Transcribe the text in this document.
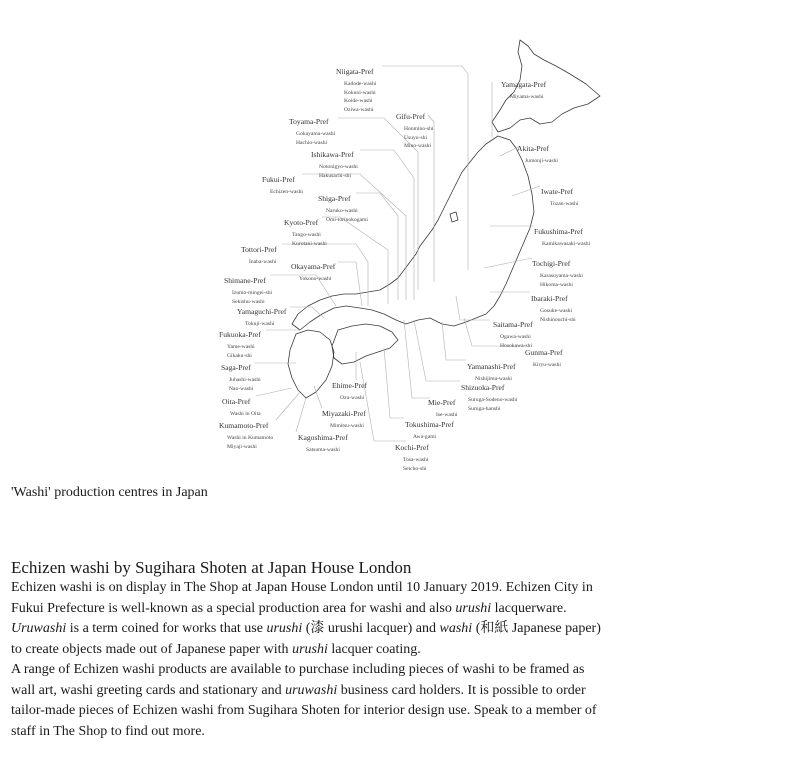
Niigata-Pref
Kadode-washi
Kokuni-washi
Koide-washi
Oziwa-washi
Yamagata-Pref
Miyama-washi
Gifu-Pref
Honmino-shi
Usuyu-shi
Mino-washi
Toyama-Pref
Gokayama-washi
Hachio-washi
Ishikawa-Pref
Notonigyo-washi
Hakusachi-shi
Akita-Pref
Jumonji-washi
Fukui-Pref
Echizen-washi
Shiga-Pref
Naruko-washi
Omi-torinokogami
Iwate-Pref
Tozan-washi
Kyoto-Pref
Tango-washi
Kurotani-washi
Fukushima-Pref
Kamikawasaki-washi
Tottori-Pref
Inaba-washi Okayama-Pref
Yokono-washi
Tochigi-Pref
Karasuyama-washi
Hikoma-washi
Shimane-Pref
Izumo-mingei-shi
Sekishu-washi	Ibaraki-Pref
Gosuke-washi
Nishinouchi-shi
Yamaguchi-Pref
Tokuji-washi	Saitama-Pref
Ogawa-washi
Hosokawa-shi
Fukuoka-Pref
Yame-washi
Gikaku-shi	Gunma-Pref
Kiryu-washi
Saga-Pref
Juhashi-washi
Nao-washi
Yamanashi-Pref
Nishijima-washi
Ehime-Pref
Ozu-washi
Oita-Pref
Washi in Oita
Shizuoka-Pref
Suruga-Sodeno-washi
Suruga-hanshi
Mie-Pref
Ise-washi
Miyazaki-Pref
Mimitsu-washi
Kumamoto-Pref
Washi in Kumamoto
Miyaji-washi
Tokushima-Pref
Awa-gami
Kagoshima-Pref
Satsuma-washi	Kochi-Pref
Tosa-washi
Seicho-shi
'Washi' production centres in Japan
Echizen washi by Sugihara Shoten at Japan House London

Echizen washi is on display in The Shop at Japan House London until 10 January 2019. Echizen City in Fukui Prefecture is well-known as a special production area for washi and also urushi lacquerware. Uruwashi is a term coined for works that use urushi (漆 urushi lacquer) and washi (和紙 Japanese paper) to create objects made out of Japanese paper with urushi lacquer coating.

A range of Echizen washi products are available to purchase including pieces of washi to be framed as wall art, washi greeting cards and stationary and uruwashi business card holders. It is possible to order tailor-made pieces of Echizen washi from Sugihara Shoten for interior design use. Speak to a member of staff in The Shop to find out more.
